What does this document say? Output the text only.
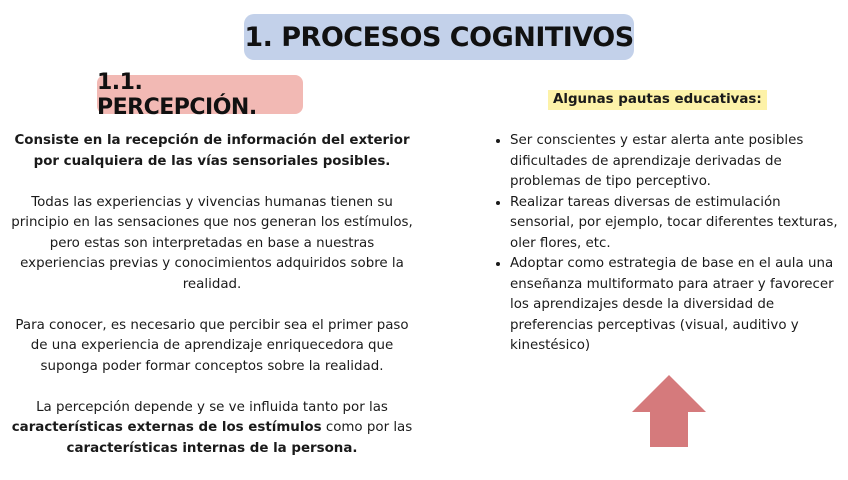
1. PROCESOS COGNITIVOS
1.1. PERCEPCIÓN.

Consiste en la recepción de información del exterior por cualquiera de las vías sensoriales posibles.

Todas las experiencias y vivencias humanas tienen su principio en las sensaciones que nos generan los estímulos, pero estas son interpretadas en base a nuestras experiencias previas y conocimientos adquiridos sobre la realidad.

Para conocer, es necesario que percibir sea el primer paso de una experiencia de aprendizaje enriquecedora que suponga poder formar conceptos sobre la realidad.

La percepción depende y se ve influida tanto por las características externas de los estímulos como por las características internas de la persona.

Algunas pautas educativas:
• Ser conscientes y estar alerta ante posibles dificultades de aprendizaje derivadas de problemas de tipo perceptivo.
• Realizar tareas diversas de estimulación sensorial, por ejemplo, tocar diferentes texturas, oler flores, etc.
• Adoptar como estrategia de base en el aula una enseñanza multiformato para atraer y favorecer los aprendizajes desde la diversidad de preferencias perceptivas (visual, auditivo y kinestésico)
